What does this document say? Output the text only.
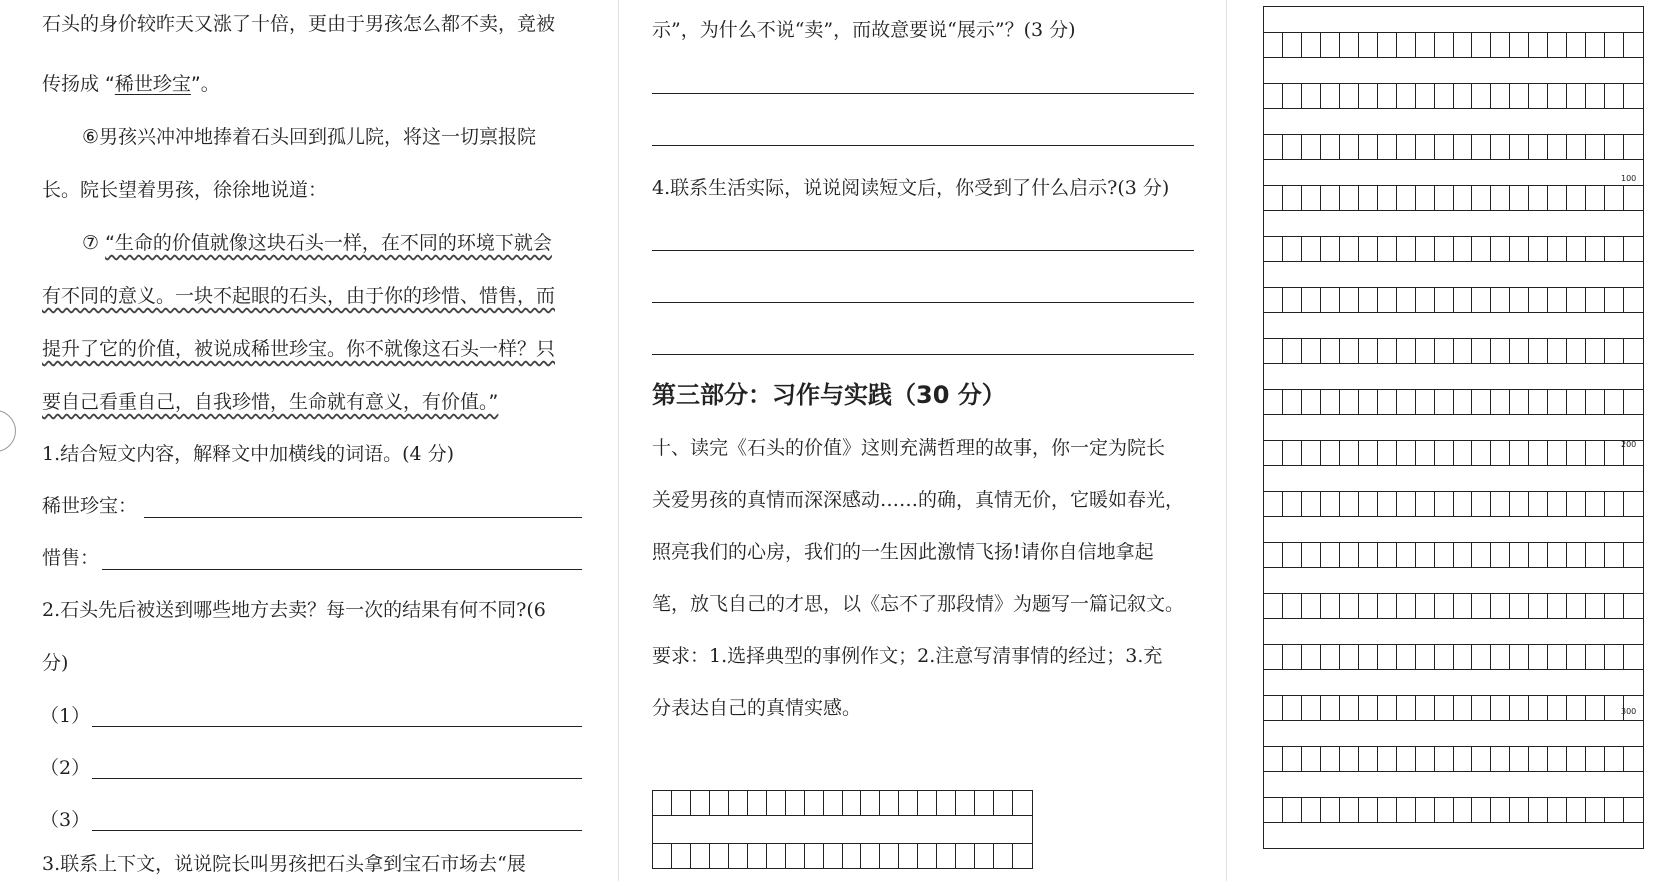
石头的身价较昨天又涨了十倍，更由于男孩怎么都不卖，竟被
传扬成 “稀世珍宝”。
⑥男孩兴冲冲地捧着石头回到孤儿院，将这一切禀报院
长。院长望着男孩，徐徐地说道：
⑦ “生命的价值就像这块石头一样，在不同的环境下就会
有不同的意义。一块不起眼的石头，由于你的珍惜、惜售，而
提升了它的价值，被说成稀世珍宝。你不就像这石头一样？只
要自己看重自己，自我珍惜，生命就有意义，有价值。”
1.结合短文内容，解释文中加横线的词语。(4 分)
稀世珍宝：
惜售：
2.石头先后被送到哪些地方去卖？每一次的结果有何不同?(6
分)
（1）
（2）
（3）
3.联系上下文，说说院长叫男孩把石头拿到宝石市场去“展
示”，为什么不说“卖”，而故意要说“展示”？(3 分)
4.联系生活实际，说说阅读短文后，你受到了什么启示?(3 分)
第三部分：习作与实践（30 分）
十、读完《石头的价值》这则充满哲理的故事，你一定为院长
关爱男孩的真情而深深感动……的确，真情无价，它暖如春光，
照亮我们的心房，我们的一生因此激情飞扬!请你自信地拿起
笔，放飞自己的才思，以《忘不了那段情》为题写一篇记叙文。
要求：1.选择典型的事例作文；2.注意写清事情的经过；3.充
分表达自己的真情实感。
100
200
300
